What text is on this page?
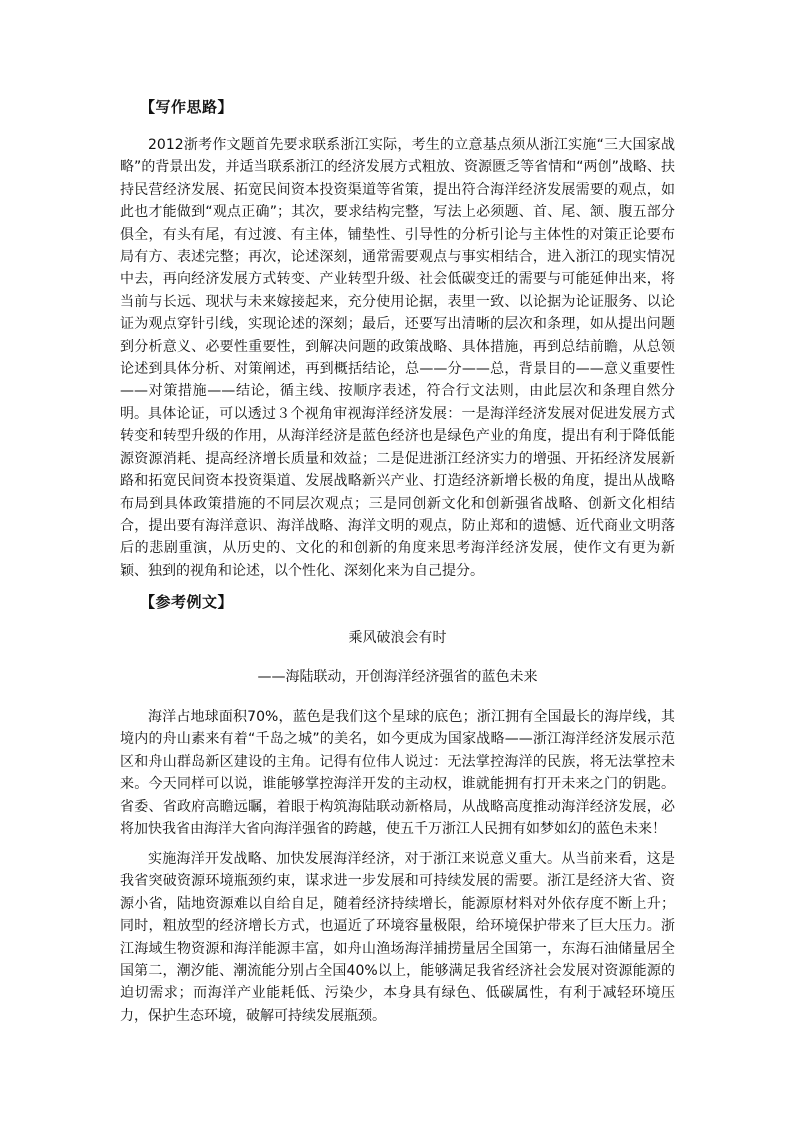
【写作思路】

2012浙考作文题首先要求联系浙江实际，考生的立意基点须从浙江实施“三大国家战略”的背景出发，并适当联系浙江的经济发展方式粗放、资源匮乏等省情和“两创”战略、扶持民营经济发展、拓宽民间资本投资渠道等省策，提出符合海洋经济发展需要的观点，如此也才能做到“观点正确”；其次，要求结构完整，写法上必须题、首、尾、颔、腹五部分俱全，有头有尾，有过渡、有主体，铺垫性、引导性的分析引论与主体性的对策正论要布局有方、表述完整；再次，论述深刻，通常需要观点与事实相结合，进入浙江的现实情况中去，再向经济发展方式转变、产业转型升级、社会低碳变迁的需要与可能延伸出来，将当前与长远、现状与未来嫁接起来，充分使用论据，表里一致、以论据为论证服务、以论证为观点穿针引线，实现论述的深刻；最后，还要写出清晰的层次和条理，如从提出问题到分析意义、必要性重要性，到解决问题的政策战略、具体措施，再到总结前瞻，从总领论述到具体分析、对策阐述，再到概括结论，总——分——总，背景目的——意义重要性——对策措施——结论，循主线、按顺序表述，符合行文法则，由此层次和条理自然分明。 具体论证，可以透过３个视角审视海洋经济发展：一是海洋经济发展对促进发展方式转变和转型升级的作用，从海洋经济是蓝色经济也是绿色产业的角度，提出有利于降低能源资源消耗、提高经济增长质量和效益；二是促进浙江经济实力的增强、开拓经济发展新路和拓宽民间资本投资渠道、发展战略新兴产业、打造经济新增长极的角度，提出从战略布局到具体政策措施的不同层次观点；三是同创新文化和创新强省战略、创新文化相结合，提出要有海洋意识、海洋战略、海洋文明的观点，防止郑和的遗憾、近代商业文明落后的悲剧重演，从历史的、文化的和创新的角度来思考海洋经济发展，使作文有更为新颖、独到的视角和论述，以个性化、深刻化来为自己提分。

【参考例文】
乘风破浪会有时
——海陆联动，开创海洋经济强省的蓝色未来

海洋占地球面积70%，蓝色是我们这个星球的底色；浙江拥有全国最长的海岸线，其境内的舟山素来有着“千岛之城”的美名，如今更成为国家战略——浙江海洋经济发展示范区和舟山群岛新区建设的主角。记得有位伟人说过：无法掌控海洋的民族，将无法掌控未来。今天同样可以说，谁能够掌控海洋开发的主动权，谁就能拥有打开未来之门的钥匙。省委、省政府高瞻远瞩，着眼于构筑海陆联动新格局，从战略高度推动海洋经济发展，必将加快我省由海洋大省向海洋强省的跨越，使五千万浙江人民拥有如梦如幻的蓝色未来！

实施海洋开发战略、加快发展海洋经济，对于浙江来说意义重大。从当前来看，这是我省突破资源环境瓶颈约束，谋求进一步发展和可持续发展的需要。浙江是经济大省、资源小省，陆地资源难以自给自足，随着经济持续增长，能源原材料对外依存度不断上升；同时，粗放型的经济增长方式，也逼近了环境容量极限，给环境保护带来了巨大压力。浙江海域生物资源和海洋能源丰富，如舟山渔场海洋捕捞量居全国第一，东海石油储量居全国第二，潮汐能、潮流能分别占全国40%以上，能够满足我省经济社会发展对资源能源的迫切需求；而海洋产业能耗低、污染少，本身具有绿色、低碳属性，有利于减轻环境压力，保护生态环境，破解可持续发展瓶颈。
